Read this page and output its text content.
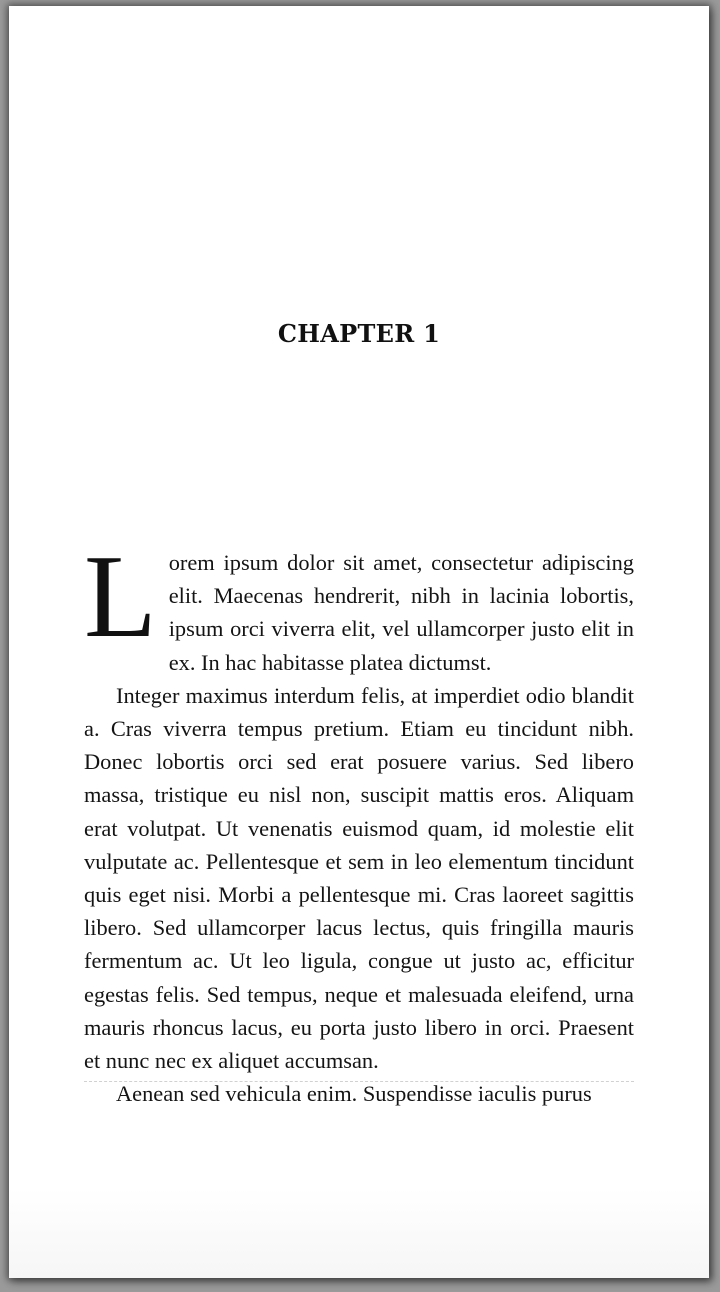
CHAPTER 1

Lorem ipsum dolor sit amet, consectetur adipiscing elit. Maecenas hendrerit, nibh in lacinia lobortis, ipsum orci viverra elit, vel ullamcorper justo elit in ex. In hac habitasse platea dictumst.

Integer maximus interdum felis, at imperdiet odio blandit a. Cras viverra tempus pretium. Etiam eu tincidunt nibh. Donec lobortis orci sed erat posuere varius. Sed libero massa, tristique eu nisl non, suscipit mattis eros. Aliquam erat volutpat. Ut venenatis euismod quam, id molestie elit vulputate ac. Pellentesque et sem in leo elementum tincidunt quis eget nisi. Morbi a pellentesque mi. Cras laoreet sagittis libero. Sed ullamcorper lacus lectus, quis fringilla mauris fermentum ac. Ut leo ligula, congue ut justo ac, efficitur egestas felis. Sed tempus, neque et malesuada eleifend, urna mauris rhoncus lacus, eu porta justo libero in orci. Praesent et nunc nec ex aliquet accumsan.

Aenean sed vehicula enim. Suspendisse iaculis purus
